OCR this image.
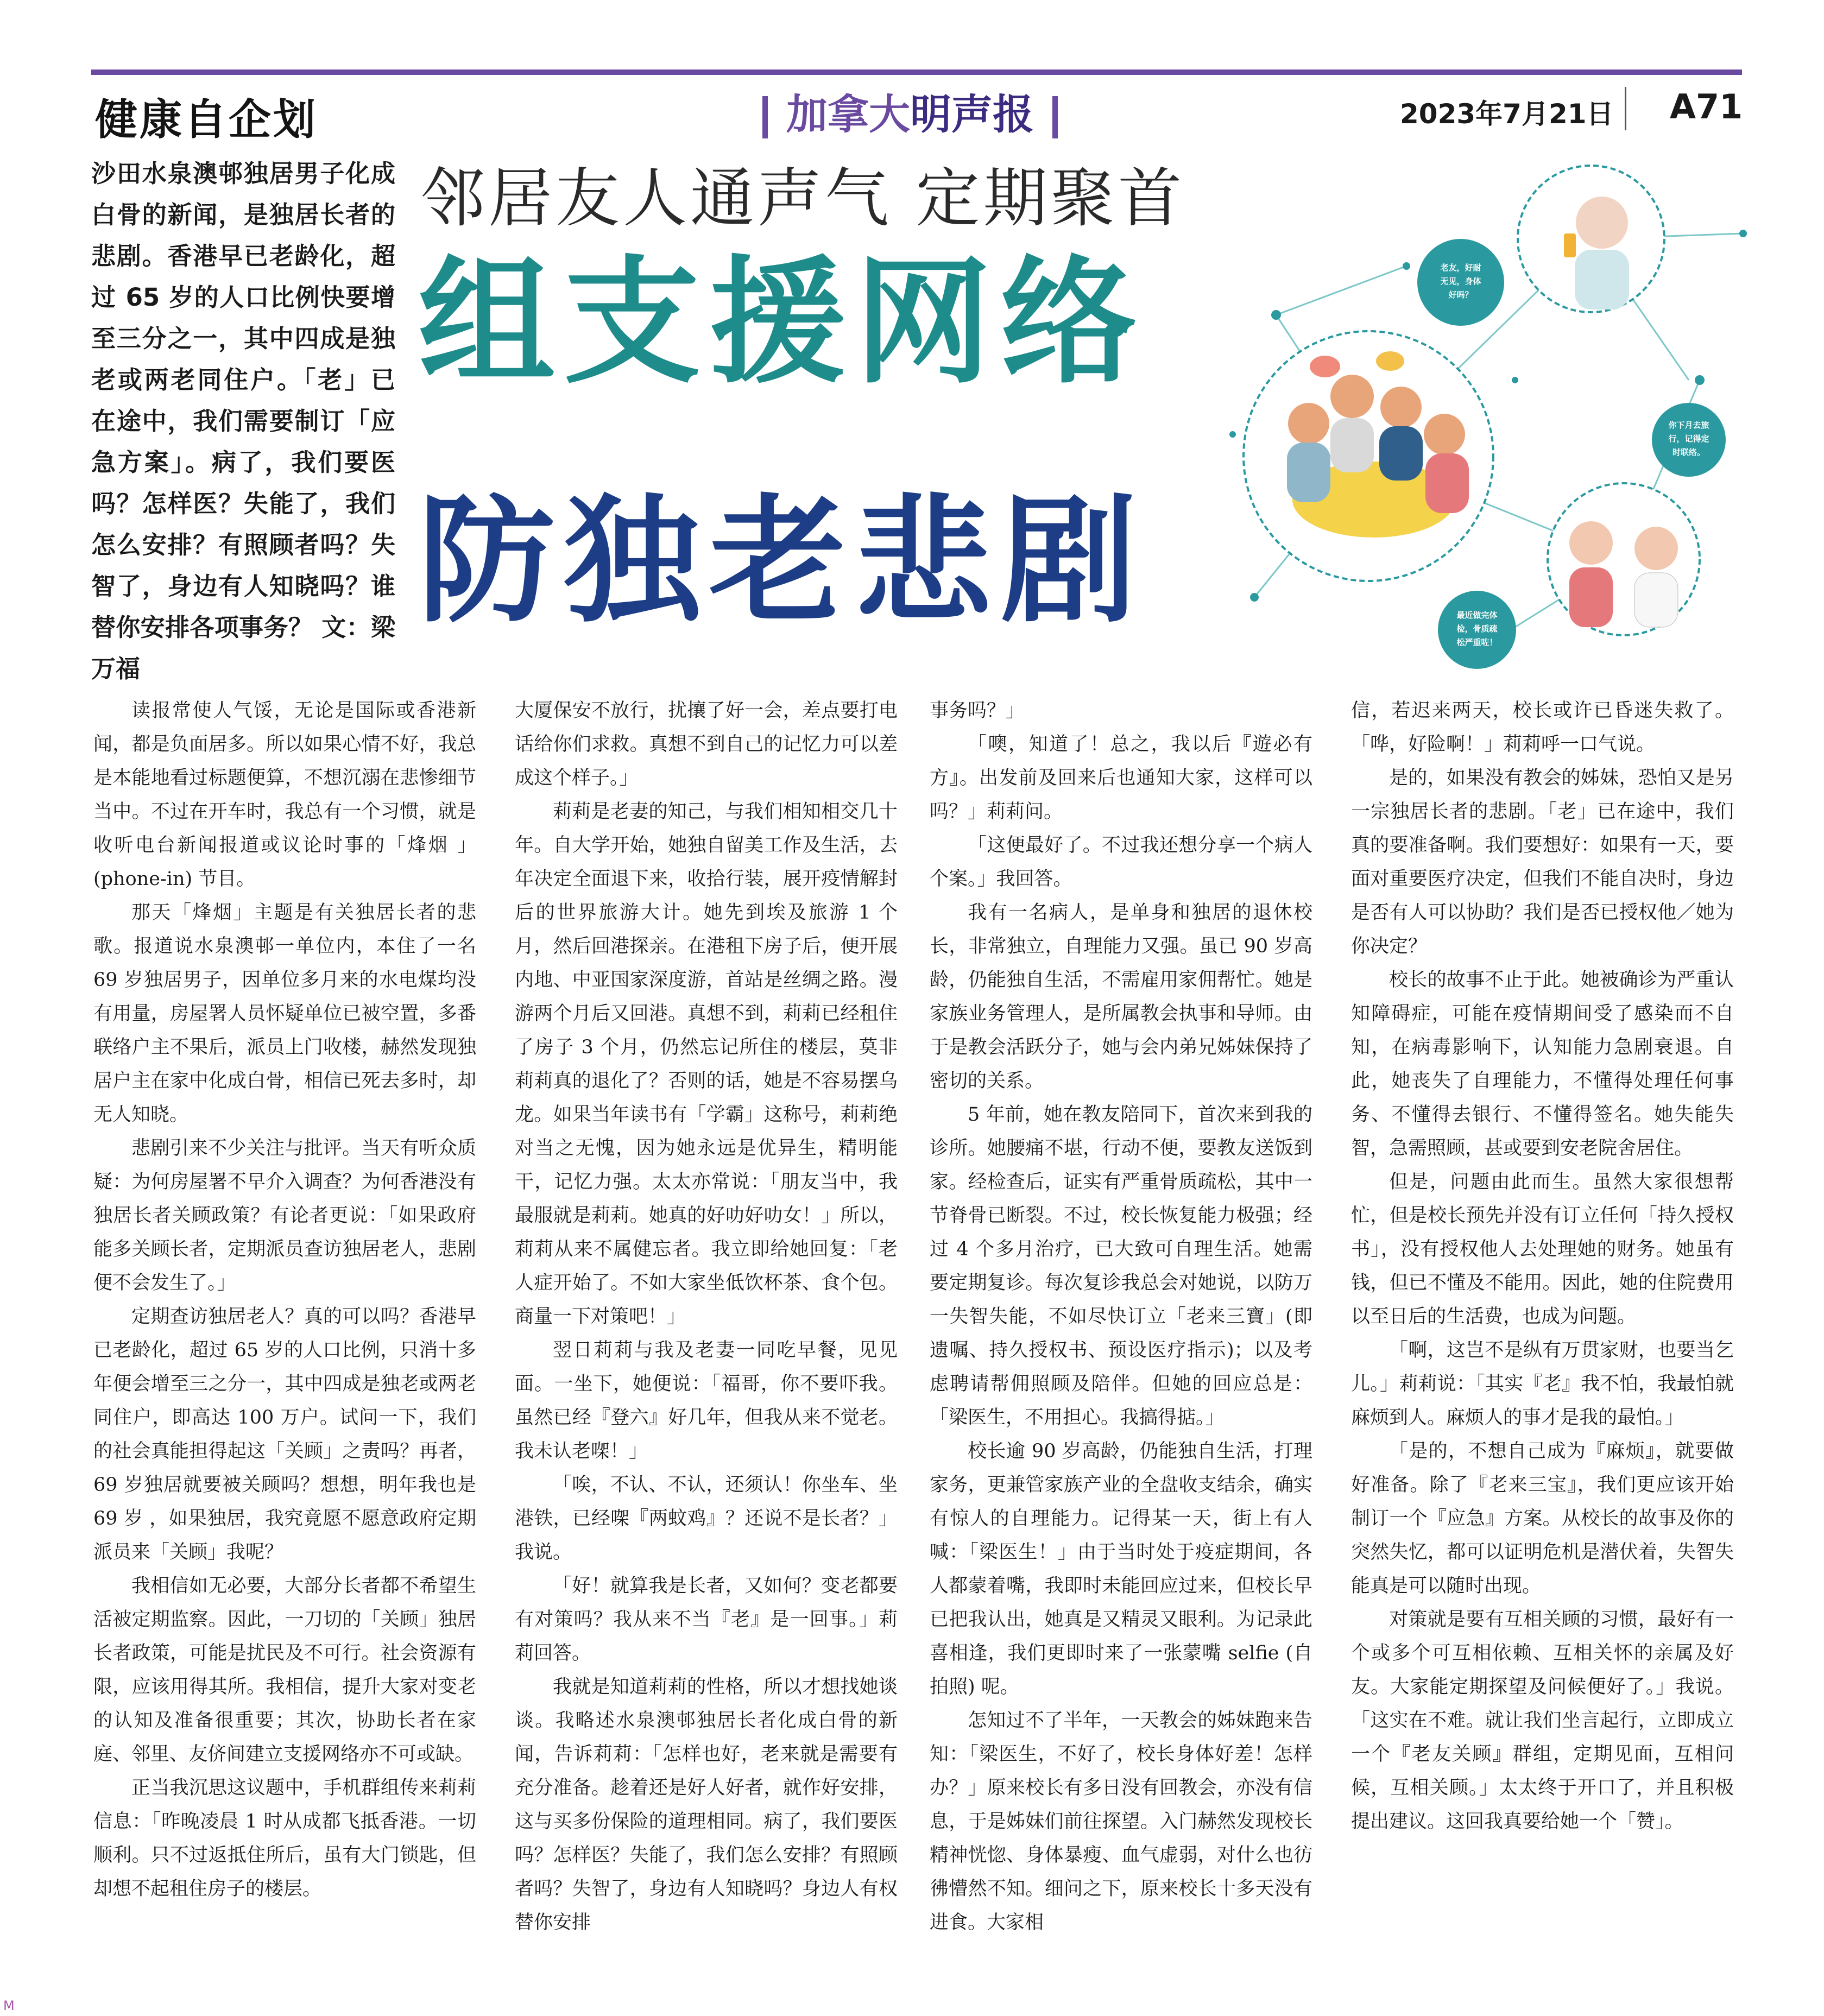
健康自企划	加拿大明声报	2023年7月21日 A71
沙田水泉澳邨独居男子化成白骨的新闻，是独居长者的悲剧。香港早已老龄化，超过 65 岁的人口比例快要增至三分之一，其中四成是独老或两老同住户。「老」已在途中，我们需要制订「应急方案」。病了，我们要医吗？怎样医？失能了，我们怎么安排？有照顾者吗？失智了，身边有人知晓吗？谁替你安排各项事务？ 文：梁万福
邻居友人通声气 定期聚首
组支援网络
防独老悲剧
老友，好耐
无见，身体
好吗？
你下月去旅
行，记得定
时联络。
最近做完体
检，骨质疏
松严重咗！

读报常使人气馁，无论是国际或香港新闻，都是负面居多。所以如果心情不好，我总是本能地看过标题便算，不想沉溺在悲惨细节当中。不过在开车时，我总有一个习惯，就是收听电台新闻报道或议论时事的「烽烟 」(phone-in) 节目。

那天「烽烟」主题是有关独居长者的悲歌。报道说水泉澳邨一单位内，本住了一名 69 岁独居男子，因单位多月来的水电煤均没有用量，房屋署人员怀疑单位已被空置，多番联络户主不果后，派员上门收楼，赫然发现独居户主在家中化成白骨，相信已死去多时，却无人知晓。

悲剧引来不少关注与批评。当天有听众质疑：为何房屋署不早介入调查？为何香港没有独居长者关顾政策？有论者更说：「如果政府能多关顾长者，定期派员查访独居老人，悲剧便不会发生了。」

定期查访独居老人？真的可以吗？香港早已老龄化，超过 65 岁的人口比例，只消十多年便会增至三之分一，其中四成是独老或两老同住户，即高达 100 万户。试问一下，我们的社会真能担得起这「关顾」之责吗？再者，69 岁独居就要被关顾吗？想想，明年我也是 69 岁 ，如果独居，我究竟愿不愿意政府定期派员来「关顾」我呢？

我相信如无必要，大部分长者都不希望生活被定期监察。因此，一刀切的「关顾」独居长者政策，可能是扰民及不可行。社会资源有限，应该用得其所。我相信，提升大家对变老的认知及准备很重要；其次，协助长者在家庭、邻里、友侪间建立支援网络亦不可或缺。

正当我沉思这议题中，手机群组传来莉莉信息：「昨晚凌晨 1 时从成都飞抵香港。一切顺利。只不过返抵住所后，虽有大门锁匙，但却想不起租住房子的楼层。

大厦保安不放行，扰攘了好一会，差点要打电话给你们求救。真想不到自己的记忆力可以差成这个样子。」

莉莉是老妻的知己，与我们相知相交几十年。自大学开始，她独自留美工作及生活，去年决定全面退下来，收拾行装，展开疫情解封后的世界旅游大计。她先到埃及旅游 1 个月，然后回港探亲。在港租下房子后，便开展内地、中亚国家深度游，首站是丝绸之路。漫游两个月后又回港。真想不到，莉莉已经租住了房子 3 个月，仍然忘记所住的楼层，莫非莉莉真的退化了？否则的话，她是不容易摆乌龙。如果当年读书有「学霸」这称号，莉莉绝对当之无愧，因为她永远是优异生，精明能干，记忆力强。太太亦常说：「朋友当中，我最服就是莉莉。她真的好叻好叻女！」所以，莉莉从来不属健忘者。我立即给她回复：「老人症开始了。不如大家坐低饮杯茶、食个包。商量一下对策吧！」

翌日莉莉与我及老妻一同吃早餐，见见面。一坐下，她便说：「福哥，你不要吓我。虽然已经『登六』好几年，但我从来不觉老。我未认老㗎！」

「唉，不认、不认，还须认！你坐车、坐港铁，已经㗎『两蚊鸡』？还说不是长者？」我说。

「好！就算我是长者，又如何？变老都要有对策吗？我从来不当『老』是一回事。」莉莉回答。

我就是知道莉莉的性格，所以才想找她谈谈。我略述水泉澳邨独居长者化成白骨的新闻，告诉莉莉：「怎样也好，老来就是需要有充分准备。趁着还是好人好者，就作好安排，这与买多份保险的道理相同。病了，我们要医吗？怎样医？失能了，我们怎么安排？有照顾者吗？失智了，身边有人知晓吗？身边人有权替你安排

事务吗？」

「噢，知道了！总之，我以后『遊必有方』。出发前及回来后也通知大家，这样可以吗？」莉莉问。

「这便最好了。不过我还想分享一个病人个案。」我回答。

我有一名病人，是单身和独居的退休校长，非常独立，自理能力又强。虽已 90 岁高龄，仍能独自生活，不需雇用家佣帮忙。她是家族业务管理人，是所属教会执事和导师。由于是教会活跃分子，她与会内弟兄姊妹保持了密切的关系。

5 年前，她在教友陪同下，首次来到我的诊所。她腰痛不堪，行动不便，要教友送饭到家。经检查后，证实有严重骨质疏松，其中一节脊骨已断裂。不过，校长恢复能力极强；经过 4 个多月治疗，已大致可自理生活。她需要定期复诊。每次复诊我总会对她说，以防万一失智失能，不如尽快订立「老来三寶」(即遗嘱、持久授权书、预设医疗指示)；以及考虑聘请帮佣照顾及陪伴。但她的回应总是：「梁医生，不用担心。我搞得掂。」

校长逾 90 岁高龄，仍能独自生活，打理家务，更兼管家族产业的全盘收支结余，确实有惊人的自理能力。记得某一天，街上有人喊：「梁医生！」由于当时处于疫症期间，各人都蒙着嘴，我即时未能回应过来，但校长早已把我认出，她真是又精灵又眼利。为记录此喜相逢，我们更即时来了一张蒙嘴 selfie (自拍照) 呢。

怎知过不了半年，一天教会的姊妹跑来告知：「梁医生，不好了，校长身体好差！怎样办？」原来校长有多日没有回教会，亦没有信息，于是姊妹们前往探望。入门赫然发现校长精神恍惚、身体暴瘦、血气虚弱，对什么也彷彿懵然不知。细问之下，原来校长十多天没有进食。大家相

信，若迟来两天，校长或许已昏迷失救了。「哗，好险啊！」莉莉呼一口气说。

是的，如果没有教会的姊妹，恐怕又是另一宗独居长者的悲剧。「老」已在途中，我们真的要准备啊。我们要想好：如果有一天，要面对重要医疗决定，但我们不能自决时，身边是否有人可以协助？我们是否已授权他／她为你决定？

校长的故事不止于此。她被确诊为严重认知障碍症，可能在疫情期间受了感染而不自知，在病毒影响下，认知能力急剧衰退。自此，她丧失了自理能力，不懂得处理任何事务、不懂得去银行、不懂得签名。她失能失智，急需照顾，甚或要到安老院舍居住。

但是，问题由此而生。虽然大家很想帮忙，但是校长预先并没有订立任何「持久授权书」，没有授权他人去处理她的财务。她虽有钱，但已不懂及不能用。因此，她的住院费用以至日后的生活费，也成为问题。

「啊，这岂不是纵有万贯家财，也要当乞儿。」莉莉说：「其实『老』我不怕，我最怕就麻烦到人。麻烦人的事才是我的最怕。」

「是的，不想自己成为『麻烦』，就要做好准备。除了『老来三宝』，我们更应该开始制订一个『应急』方案。从校长的故事及你的突然失忆，都可以证明危机是潜伏着，失智失能真是可以随时出现。

对策就是要有互相关顾的习惯，最好有一个或多个可互相依赖、互相关怀的亲属及好友。大家能定期探望及问候便好了。」我说。「这实在不难。就让我们坐言起行，立即成立一个『老友关顾』群组，定期见面，互相问候，互相关顾。」太太终于开口了，并且积极提出建议。这回我真要给她一个「赞」。

M
